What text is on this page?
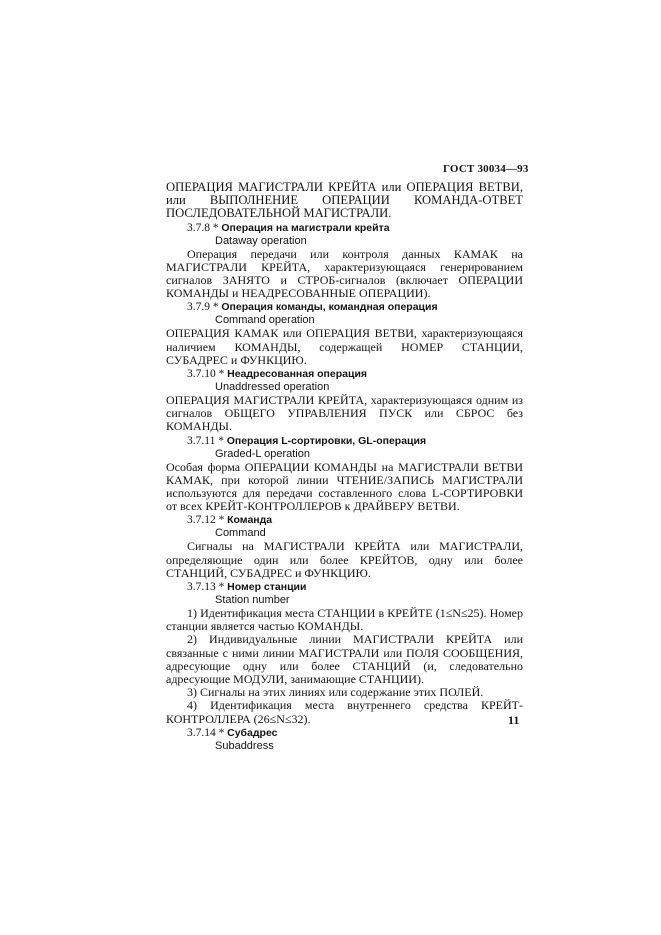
ГОСТ 30034—93

ОПЕРАЦИЯ МАГИСТРАЛИ КРЕЙТА или ОПЕРАЦИЯ ВЕТВИ, или ВЫПОЛНЕНИЕ ОПЕРАЦИИ КОМАНДА-ОТВЕТ ПОСЛЕДОВАТЕЛЬНОЙ МАГИСТРАЛИ.

3.7.8 * Операция на магистрали крейта
Dataway operation

Операция передачи или контроля данных КАМАК на МАГИСТРАЛИ КРЕЙТА, характеризующаяся генерированием сигналов ЗАНЯТО и СТРОБ-сигналов (включает ОПЕРАЦИИ КОМАНДЫ и НЕАДРЕСОВАННЫЕ ОПЕРАЦИИ).

3.7.9 * Операция команды, командная операция
Command operation

ОПЕРАЦИЯ КАМАК или ОПЕРАЦИЯ ВЕТВИ, характеризующаяся наличием КОМАНДЫ, содержащей НОМЕР СТАНЦИИ, СУБАДРЕС и ФУНКЦИЮ.

3.7.10 * Неадресованная операция
Unaddressed operation

ОПЕРАЦИЯ МАГИСТРАЛИ КРЕЙТА, характеризующаяся одним из сигналов ОБЩЕГО УПРАВЛЕНИЯ ПУСК или СБРОС без КОМАНДЫ.

3.7.11 * Операция L-сортировки, GL-операция
Graded-L operation

Особая форма ОПЕРАЦИИ КОМАНДЫ на МАГИСТРАЛИ ВЕТВИ КАМАК, при которой линии ЧТЕНИЕ/ЗАПИСЬ МАГИСТРАЛИ используются для передачи составленного слова L-СОРТИРОВКИ от всех КРЕЙТ-КОНТРОЛЛЕРОВ к ДРАЙВЕРУ ВЕТВИ.

3.7.12 * Команда
Command

Сигналы на МАГИСТРАЛИ КРЕЙТА или МАГИСТРАЛИ, определяющие один или более КРЕЙТОВ, одну или более СТАНЦИЙ, СУБАДРЕС и ФУНКЦИЮ.

3.7.13 * Номер станции
Station number

1) Идентификация места СТАНЦИИ в КРЕЙТЕ (1≤N≤25). Номер станции является частью КОМАНДЫ.

2) Индивидуальные линии МАГИСТРАЛИ КРЕЙТА или связанные с ними линии МАГИСТРАЛИ или ПОЛЯ СООБЩЕНИЯ, адресующие одну или более СТАНЦИЙ (и, следовательно адресующие МОДУЛИ, занимающие СТАНЦИИ).

3) Сигналы на этих линиях или содержание этих ПОЛЕЙ.

4) Идентификация места внутреннего средства КРЕЙТ-КОНТРОЛЛЕРА (26≤N≤32).

3.7.14 * Субадрес
Subaddress
11
